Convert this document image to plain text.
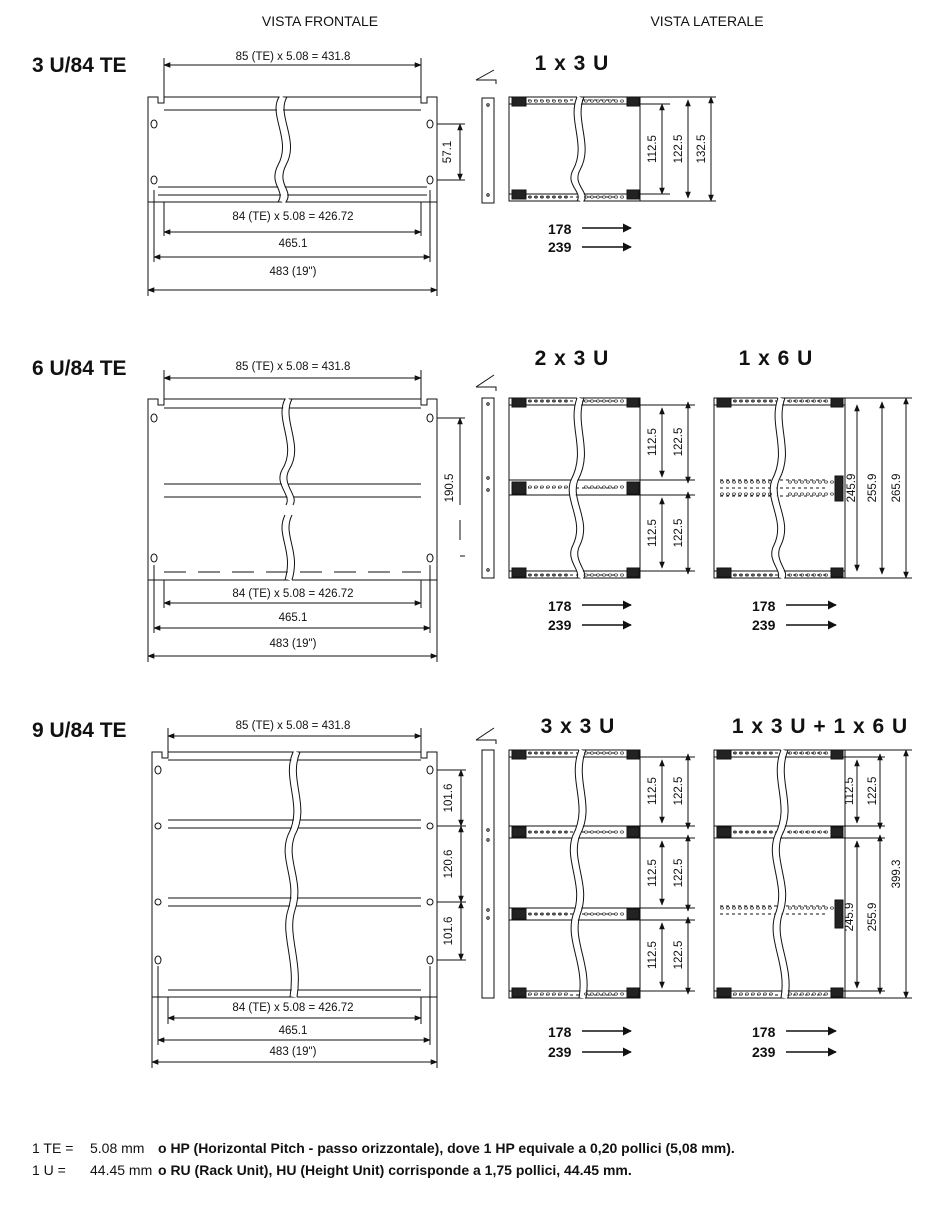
VISTA FRONTALE	VISTA LATERALE
3 U/84 TE
6 U/84 TE
9 U/84 TE
85 (TE) x 5.08 = 431.8
84 (TE) x 5.08 = 426.72
465.1
483 (19")
57.1
1 x 3 U
112.5 122.5 132.5
178
239
85 (TE) x 5.08 = 431.8
84 (TE) x 5.08 = 426.72
465.1
483 (19")
190.5
2 x 3 U
112.5 122.5
112.5 122.5
178
239
1 x 6 U
245.9 255.9 265.9
178
239
85 (TE) x 5.08 = 431.8
84 (TE) x 5.08 = 426.72
465.1
483 (19")
101.6
120.6
101.6
3 x 3 U
112.5 122.5
112.5 122.5
112.5 122.5
178
239
1 x 3 U + 1 x 6 U
112.5 122.5
245.9 255.9
399.3
178
239
1 TE = 5.08 mm o HP (Horizontal Pitch - passo orizzontale), dove 1 HP equivale a 0,20 pollici (5,08 mm).
1 U = 44.45 mm o RU (Rack Unit), HU (Height Unit) corrisponde a 1,75 pollici, 44.45 mm.
